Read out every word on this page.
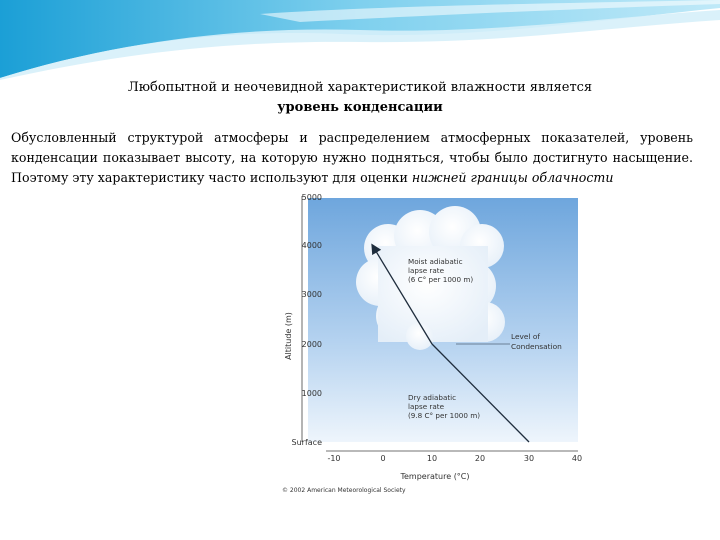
Любопытной и неочевидной характеристикой влажности является
уровень конденсации
Обусловленный структурой атмосферы и распределением атмосферных показателей, уровень конденсации показывает высоту, на которую нужно подняться, чтобы было достигнуто насыщение. Поэтому эту характеристику часто используют для оценки нижней границы облачности
5000
4000
3000
2000
1000
Surface
Altitude (m)
-10	0	10	20	30	40
Temperature (°C)
Moist adiabatic
lapse rate
(6 C° per 1000 m)
Level of
Condensation
Dry adiabatic
lapse rate
(9.8 C° per 1000 m)
© 2002 American Meteorological Society
